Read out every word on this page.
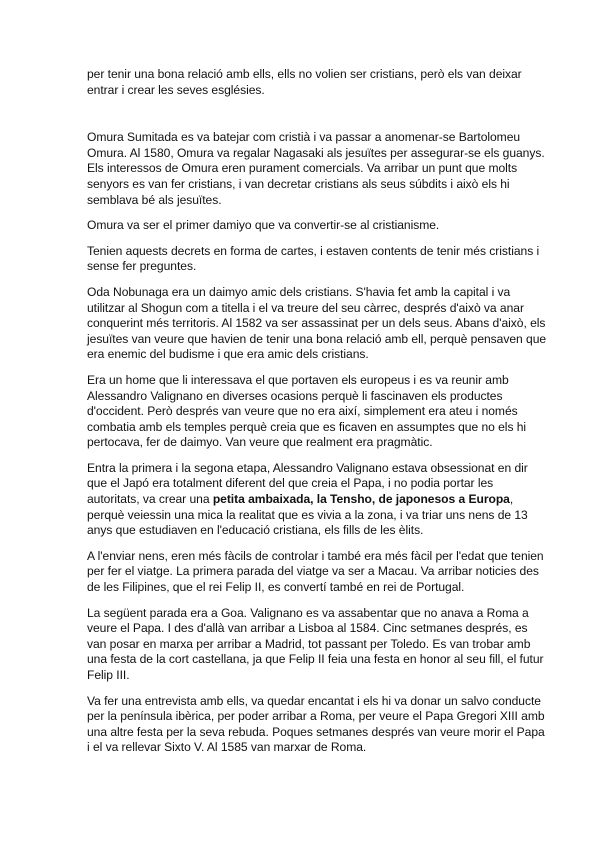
per tenir una bona relació amb ells, ells no volien ser cristians, però els van deixar entrar i crear les seves esglésies.

Omura Sumitada es va batejar com cristià i va passar a anomenar-se Bartolomeu Omura. Al 1580, Omura va regalar Nagasaki als jesuïtes per assegurar-se els guanys. Els interessos de Omura eren purament comercials. Va arribar un punt que molts senyors es van fer cristians, i van decretar cristians als seus súbdits i això els hi semblava bé als jesuïtes.

Omura va ser el primer damiyo que va convertir-se al cristianisme.

Tenien aquests decrets en forma de cartes, i estaven contents de tenir més cristians i sense fer preguntes.

Oda Nobunaga era un daimyo amic dels cristians. S'havia fet amb la capital i va utilitzar al Shogun com a titella i el va treure del seu càrrec, després d'això va anar conquerint més territoris. Al 1582 va ser assassinat per un dels seus. Abans d'això, els jesuïtes van veure que havien de tenir una bona relació amb ell, perquè pensaven que era enemic del budisme i que era amic dels cristians.

Era un home que li interessava el que portaven els europeus i es va reunir amb Alessandro Valignano en diverses ocasions perquè li fascinaven els productes d'occident. Però després van veure que no era així, simplement era ateu i només combatia amb els temples perquè creia que es ficaven en assumptes que no els hi pertocava, fer de daimyo. Van veure que realment era pragmàtic.

Entra la primera i la segona etapa, Alessandro Valignano estava obsessionat en dir que el Japó era totalment diferent del que creia el Papa, i no podia portar les autoritats, va crear una petita ambaixada, la Tensho, de japonesos a Europa, perquè veiessin una mica la realitat que es vivia a la zona, i va triar uns nens de 13 anys que estudiaven en l'educació cristiana, els fills de les èlits.

A l'enviar nens, eren més fàcils de controlar i també era més fàcil per l'edat que tenien per fer el viatge. La primera parada del viatge va ser a Macau. Va arribar noticies des de les Filipines, que el rei Felip II, es convertí també en rei de Portugal.

La següent parada era a Goa. Valignano es va assabentar que no anava a Roma a veure el Papa. I des d'allà van arribar a Lisboa al 1584. Cinc setmanes després, es van posar en marxa per arribar a Madrid, tot passant per Toledo. Es van trobar amb una festa de la cort castellana, ja que Felip II feia una festa en honor al seu fill, el futur Felip III.

Va fer una entrevista amb ells, va quedar encantat i els hi va donar un salvo conducte per la península ibèrica, per poder arribar a Roma, per veure el Papa Gregori XIII amb una altre festa per la seva rebuda. Poques setmanes després van veure morir el Papa i el va rellevar Sixto V. Al 1585 van marxar de Roma.
